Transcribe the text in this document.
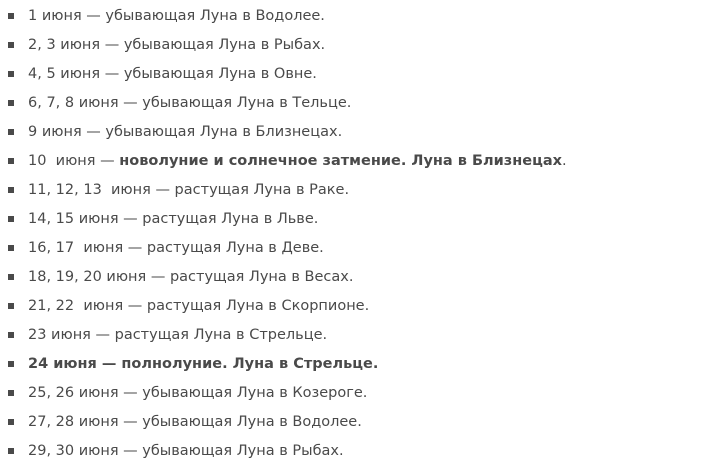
1 июня — убывающая Луна в Водолее.
2, 3 июня — убывающая Луна в Рыбах.
4, 5 июня — убывающая Луна в Овне.
6, 7, 8 июня — убывающая Луна в Тельце.
9 июня — убывающая Луна в Близнецах.
10  июня — новолуние и солнечное затмение. Луна в Близнецах.
11, 12, 13  июня — растущая Луна в Раке.
14, 15 июня — растущая Луна в Льве.
16, 17  июня — растущая Луна в Деве.
18, 19, 20 июня — растущая Луна в Весах.
21, 22  июня — растущая Луна в Скорпионе.
23 июня — растущая Луна в Стрельце.
24 июня — полнолуние. Луна в Стрельце.
25, 26 июня — убывающая Луна в Козероге.
27, 28 июня — убывающая Луна в Водолее.
29, 30 июня — убывающая Луна в Рыбах.
